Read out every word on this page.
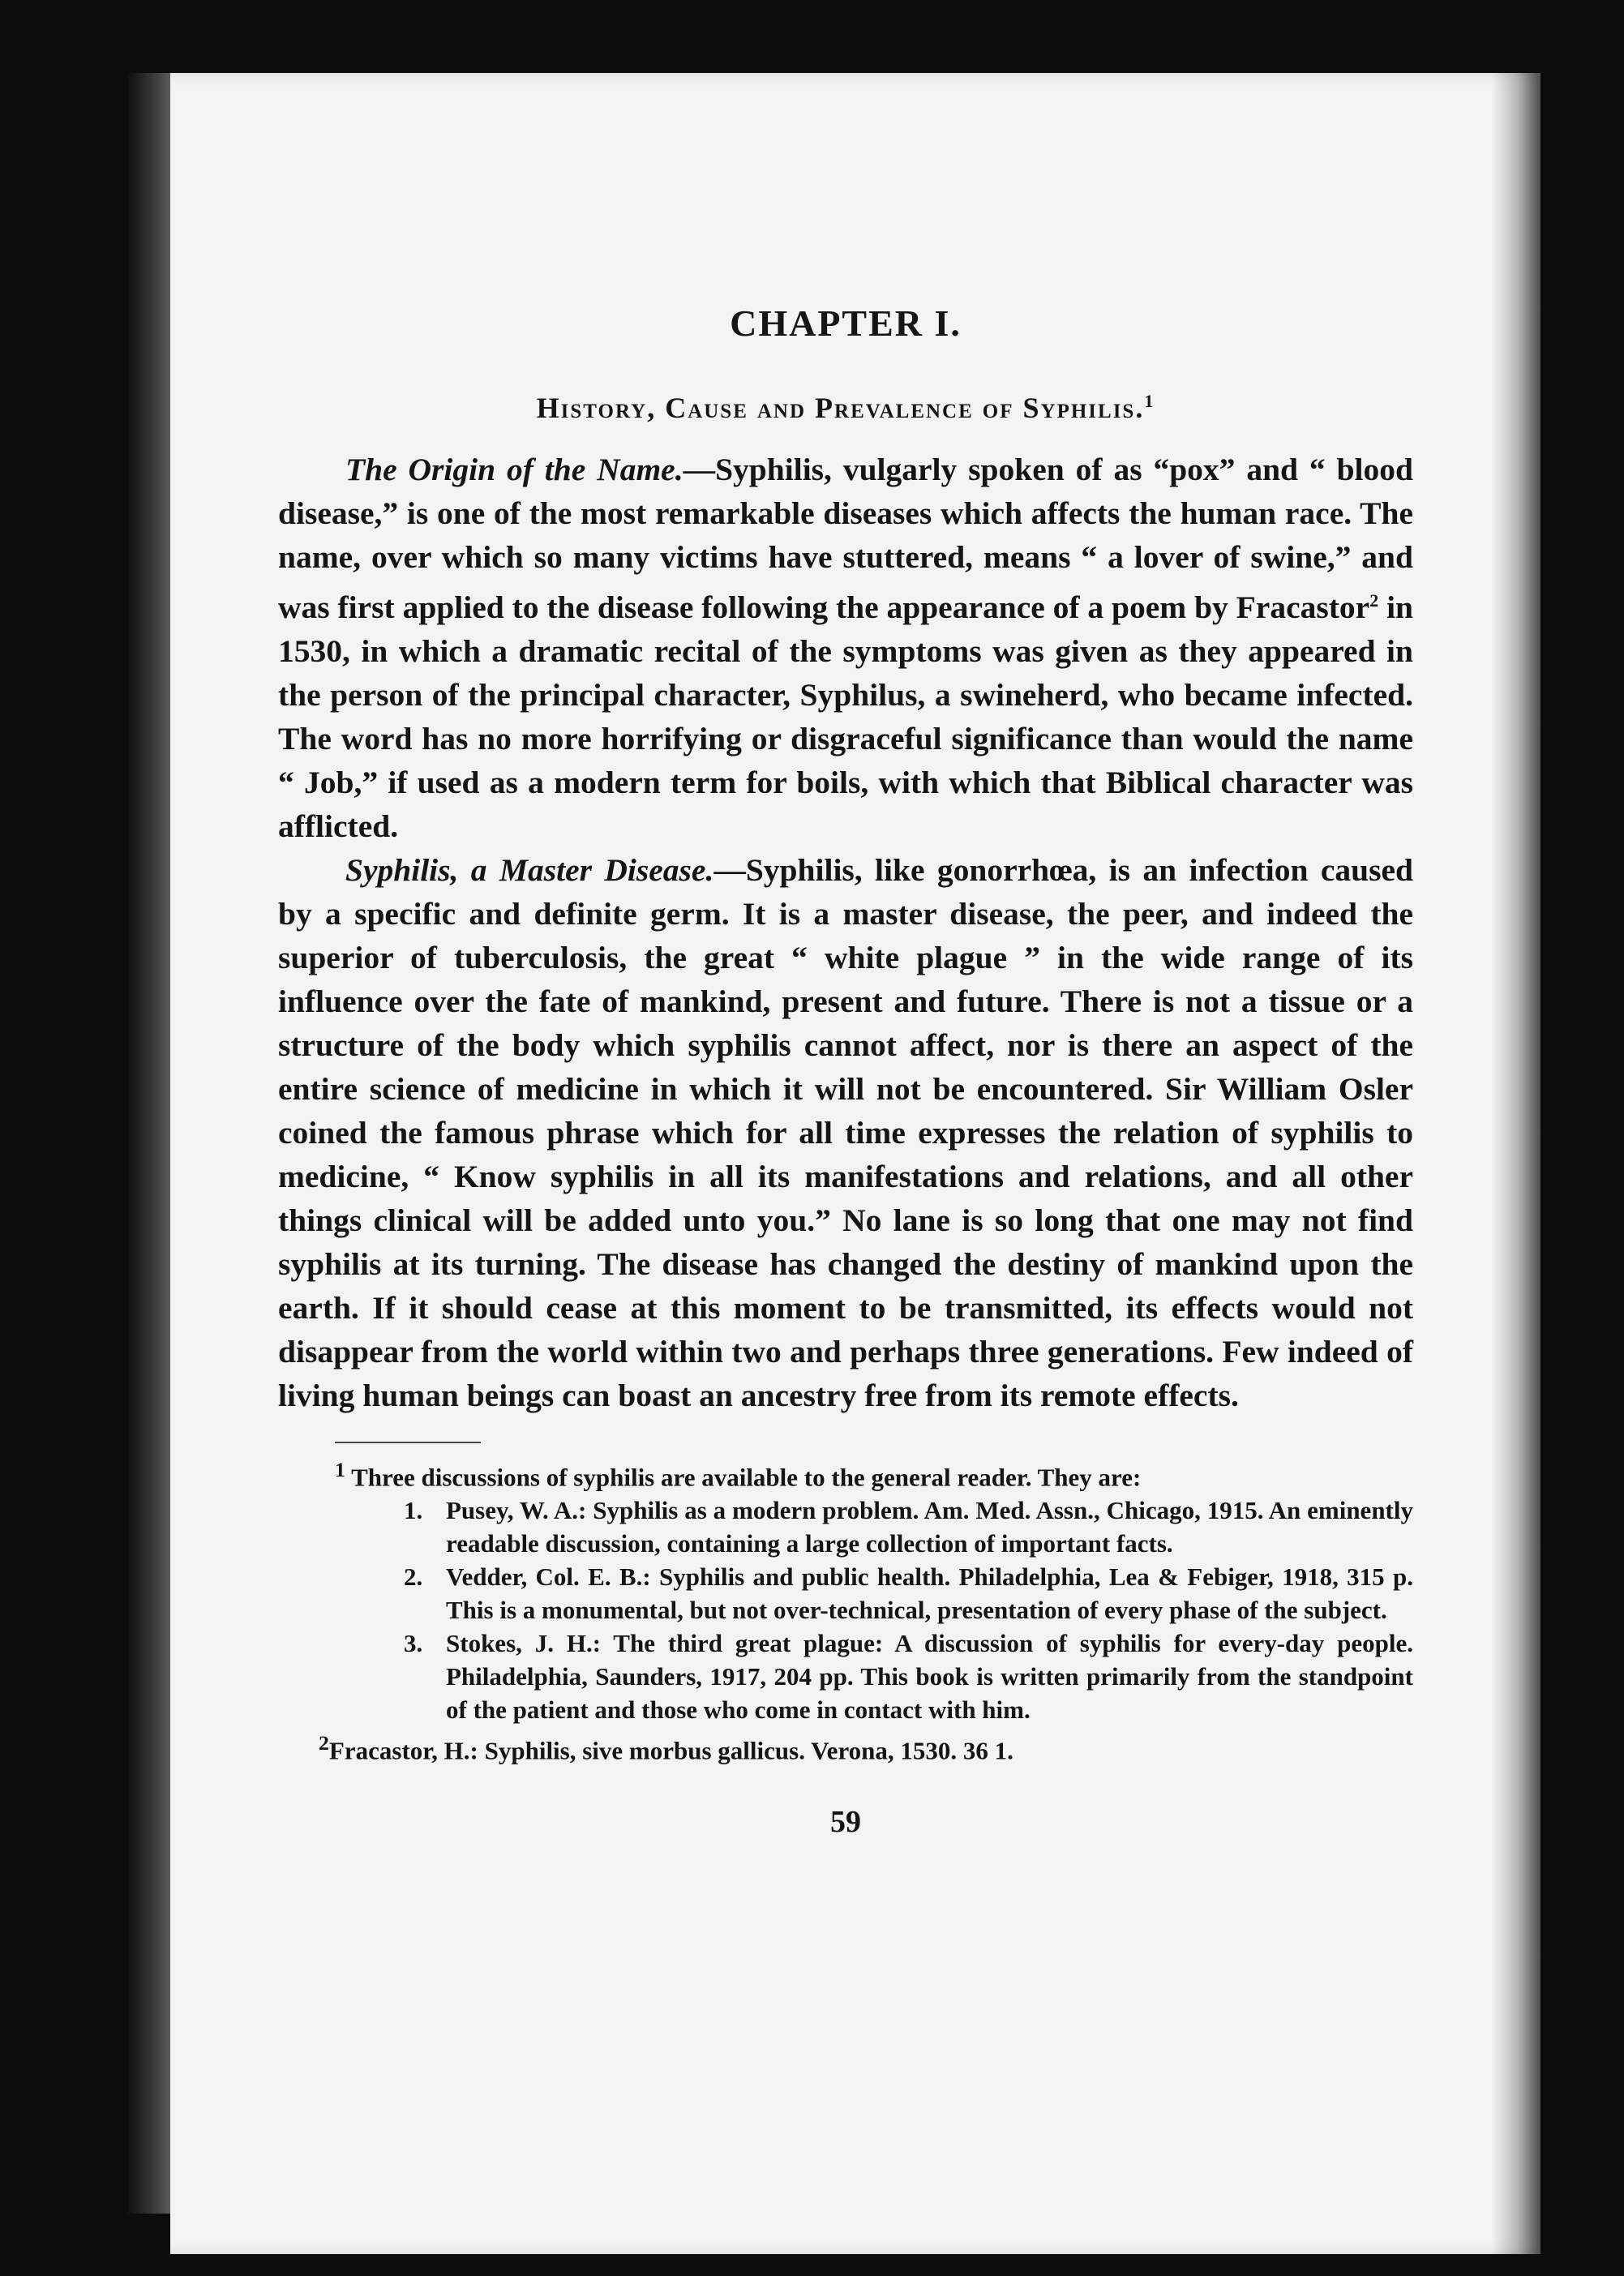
CHAPTER I.
History, Cause and Prevalence of Syphilis.$^1$

The Origin of the Name.—Syphilis, vulgarly spoken of as “pox” and “ blood disease,” is one of the most remarkable diseases which affects the human race. The name, over which so many victims have stuttered, means “ a lover of swine,” and was first applied to the disease following the appearance of a poem by Fracastor$^2$ in 1530, in which a dramatic recital of the symptoms was given as they appeared in the person of the principal character, Syphilus, a swineherd, who became infected. The word has no more horrifying or disgraceful significance than would the name “ Job,” if used as a modern term for boils, with which that Biblical character was afflicted.

Syphilis, a Master Disease.—Syphilis, like gonorrhœa, is an infection caused by a specific and definite germ. It is a master disease, the peer, and indeed the superior of tuberculosis, the great “ white plague ” in the wide range of its influence over the fate of mankind, present and future. There is not a tissue or a structure of the body which syphilis cannot affect, nor is there an aspect of the entire science of medicine in which it will not be encountered. Sir William Osler coined the famous phrase which for all time expresses the relation of syphilis to medicine, “ Know syphilis in all its manifestations and relations, and all other things clinical will be added unto you.” No lane is so long that one may not find syphilis at its turning. The disease has changed the destiny of mankind upon the earth. If it should cease at this moment to be transmitted, its effects would not disappear from the world within two and perhaps three generations. Few indeed of living human beings can boast an ancestry free from its remote effects.

$^1$ Three discussions of syphilis are available to the general reader. They are:
1. Pusey, W. A.: Syphilis as a modern problem. Am. Med. Assn., Chicago, 1915. An eminently readable discussion, containing a large collection of important facts.
2. Vedder, Col. E. B.: Syphilis and public health. Philadelphia, Lea & Febiger, 1918, 315 p. This is a monumental, but not over-technical, presentation of every phase of the subject.
3. Stokes, J. H.: The third great plague: A discussion of syphilis for every-day people. Philadelphia, Saunders, 1917, 204 pp. This book is written primarily from the standpoint of the patient and those who come in contact with him.
$^2$Fracastor, H.: Syphilis, sive morbus gallicus. Verona, 1530. 36 1.
59
